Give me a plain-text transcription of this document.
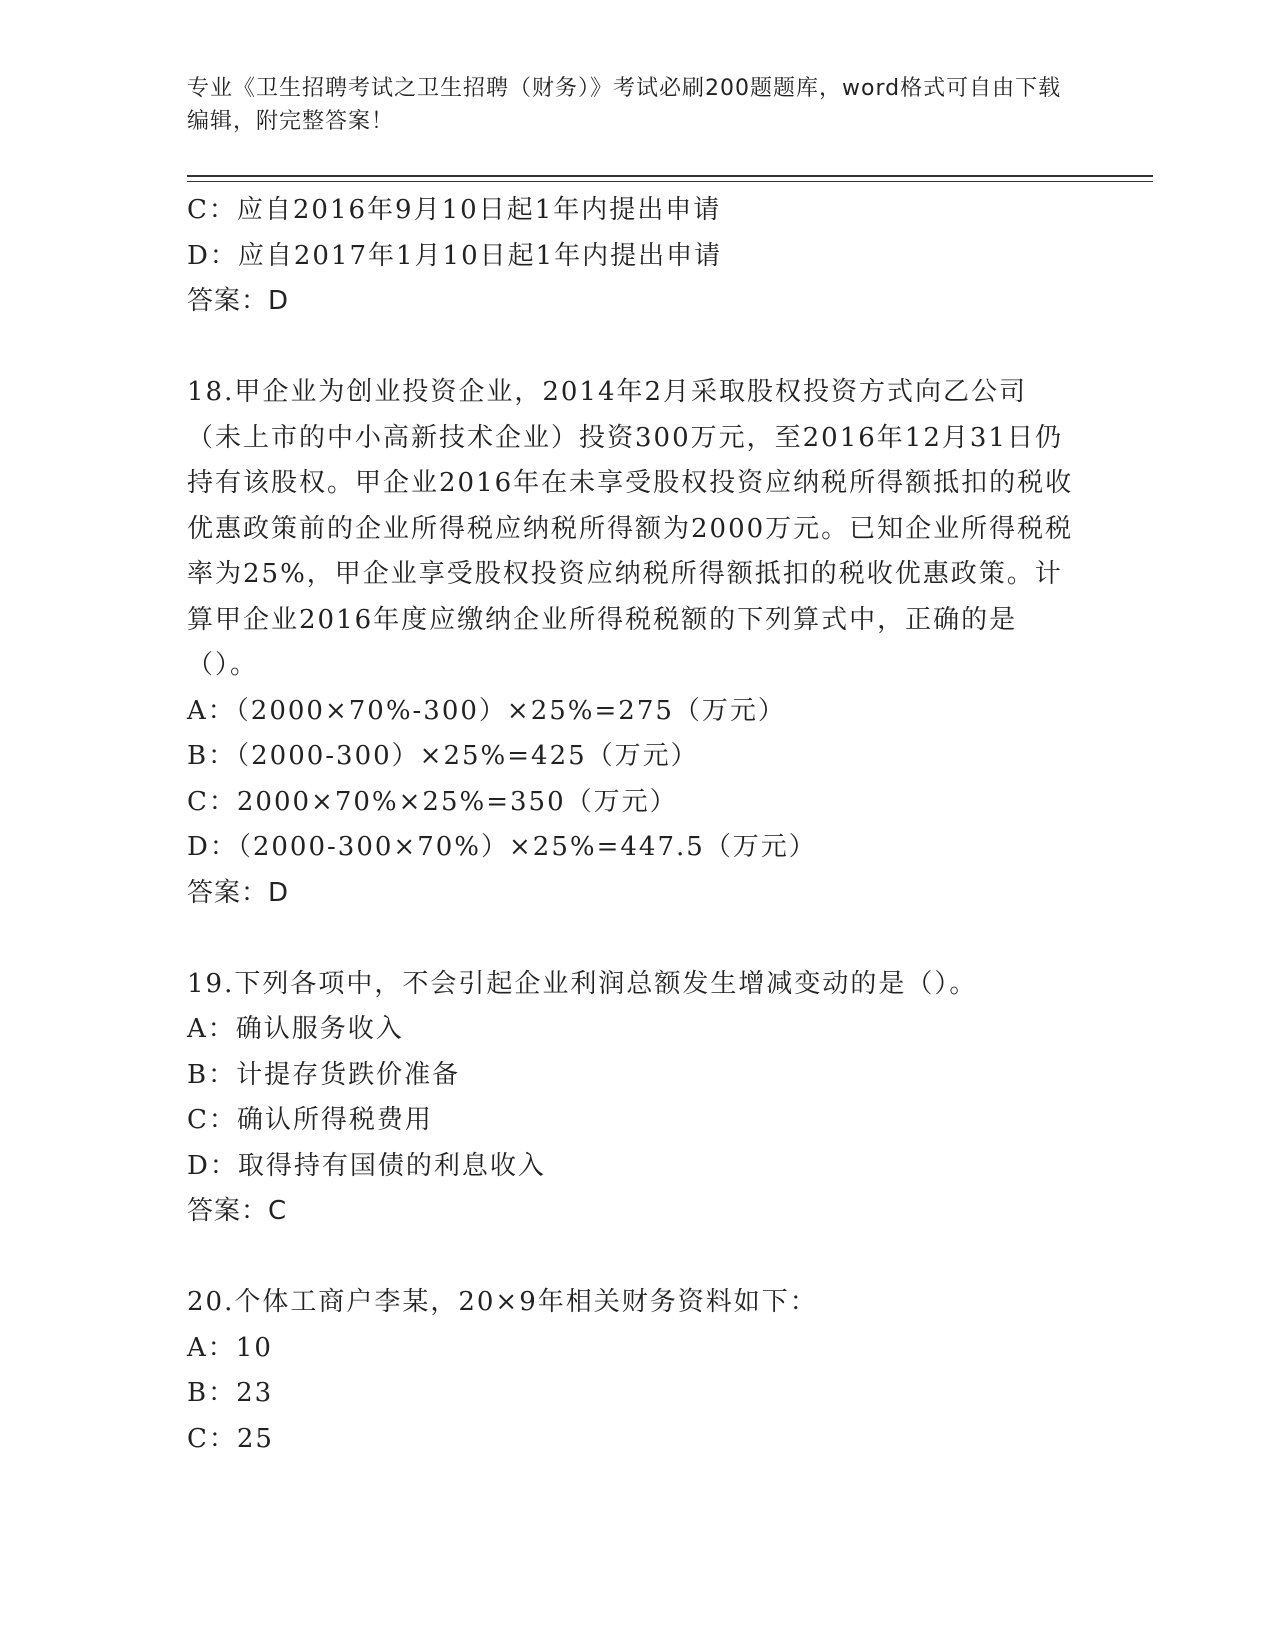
专业《卫生招聘考试之卫生招聘（财务）》考试必刷200题题库，word格式可自由下载编辑，附完整答案！

C：应自2016年9月10日起1年内提出申请

D：应自2017年1月10日起1年内提出申请

答案：D

18.甲企业为创业投资企业，2014年2月采取股权投资方式向乙公司（未上市的中小高新技术企业）投资300万元，至2016年12月31日仍持有该股权。甲企业2016年在未享受股权投资应纳税所得额抵扣的税收优惠政策前的企业所得税应纳税所得额为2000万元。已知企业所得税税率为25%，甲企业享受股权投资应纳税所得额抵扣的税收优惠政策。计算甲企业2016年度应缴纳企业所得税税额的下列算式中，正确的是（）。

A：（2000×70%-300）×25%=275（万元）

B：（2000-300）×25%=425（万元）

C：2000×70%×25%=350（万元）

D：（2000-300×70%）×25%=447.5（万元）

答案：D

19.下列各项中，不会引起企业利润总额发生增减变动的是（）。

A：确认服务收入

B：计提存货跌价准备

C：确认所得税费用

D：取得持有国债的利息收入

答案：C

20.个体工商户李某，20×9年相关财务资料如下：

A：10

B：23

C：25
